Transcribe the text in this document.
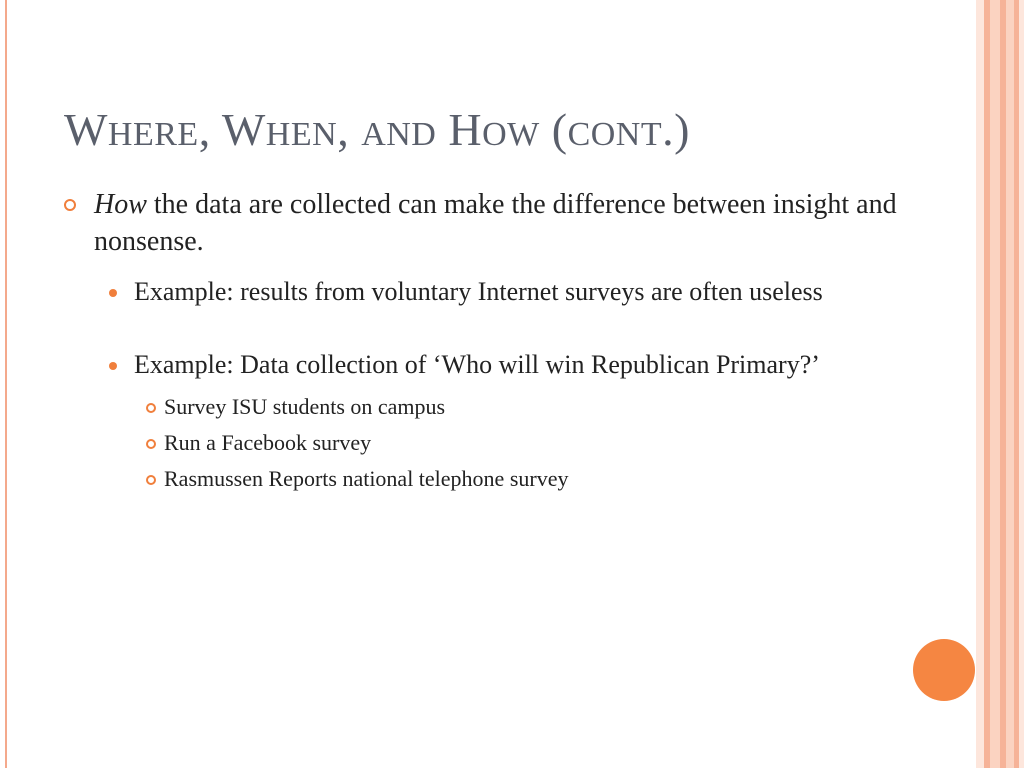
WHERE, WHEN, AND HOW (CONT.)
How the data are collected can make the difference between insight and nonsense.
Example: results from voluntary Internet surveys are often useless
Example: Data collection of ‘Who will win Republican Primary?’
Survey ISU students on campus
Run a Facebook survey
Rasmussen Reports national telephone survey
